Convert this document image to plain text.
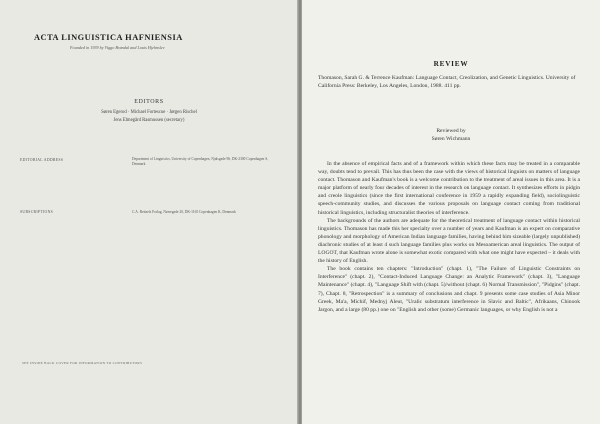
ACTA LINGUISTICA HAFNIENSIA
Founded in 1939 by Viggo Brøndal and Louis Hjelmslev
EDITORS
Søren Egerod · Michael Fortescue · Jørgen Rischel
Jens Elmegård Rasmussen (secretary)
EDITORIAL ADDRESS	Department of Linguistics, University of Copenhagen, Njalsgade 96, DK-2300 Copenhagen S, Denmark
SUBSCRIPTIONS	C.A. Reitzels Forlag, Nørregade 20, DK-1165 Copenhagen K, Denmark
SEE INSIDE BACK COVER FOR INFORMATION TO CONTRIBUTORS
REVIEW
Thomason, Sarah G. & Terrence Kaufman: Language Contact, Creolization, and Genetic Linguistics. University of California Press: Berkeley, Los Angeles, London, 1988. 411 pp.
Reviewed by
Søren Wichmann

In the absence of empirical facts and of a framework within which these facts may be treated in a comparable way, doubts tend to prevail. This has thus been the case with the views of historical linguists on matters of language contact. Thomason and Kaufman's book is a welcome contribution to the treatment of areal issues in this area. It is a major platform of nearly four decades of interest in the research on language contact. It synthesizes efforts in pidgin and creole linguistics (since the first international conference in 1959 a rapidly expanding field), sociolinguistic speech-community studies, and discusses the various proposals on language contact coming from traditional historical linguistics, including structuralist theories of interference.

The backgrounds of the authors are adequate for the theoretical treatment of language contact within historical linguistics. Thomason has made this her specialty over a number of years and Kaufman is an expert on comparative phonology and morphology of American Indian language families, having behind him sizeable (largely unpublished) diachronic studies of at least 4 such language families plus works on Mesoamerican areal linguistics. The output of LOGOT, that Kaufman wrote alone is somewhat exotic compared with what one might have expected – it deals with the history of English.

The book contains ten chapters: "Introduction" (chapt. 1), "The Failure of Linguistic Constraints on Interference" (chapt. 2), "Contact-Induced Language Change: an Analytic Framework" (chapt. 3), "Language Maintenance" (chapt. 4), "Language Shift with (chapt. 5)/without (chapt. 6) Normal Transmission", "Pidgins" (chapt. 7), Chapt. 8, "Retrospection" is a summary of conclusions and chapt. 9 presents some case studies of Asia Minor Greek, Ma'a, Michif, Mednyj Aleut, "Uralic substratum interference in Slavic and Baltic", Afrikaans, Chinook Jargon, and a large (80 pp.) one on "English and other (some) Germanic languages, or why English is not a
